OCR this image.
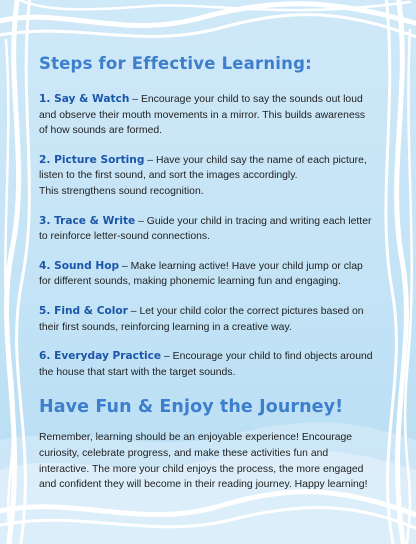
Steps for Effective Learning:

1. Say & Watch – Encourage your child to say the sounds out loud and observe their mouth movements in a mirror. This builds awareness of how sounds are formed.

2. Picture Sorting – Have your child say the name of each picture, listen to the first sound, and sort the images accordingly.
This strengthens sound recognition.

3. Trace & Write – Guide your child in tracing and writing each letter to reinforce letter-sound connections.

4. Sound Hop – Make learning active! Have your child jump or clap for different sounds, making phonemic learning fun and engaging.

5. Find & Color – Let your child color the correct pictures based on their first sounds, reinforcing learning in a creative way.

6. Everyday Practice – Encourage your child to find objects around the house that start with the target sounds.

Have Fun & Enjoy the Journey!

Remember, learning should be an enjoyable experience! Encourage curiosity, celebrate progress, and make these activities fun and interactive. The more your child enjoys the process, the more engaged and confident they will become in their reading journey. Happy learning!
